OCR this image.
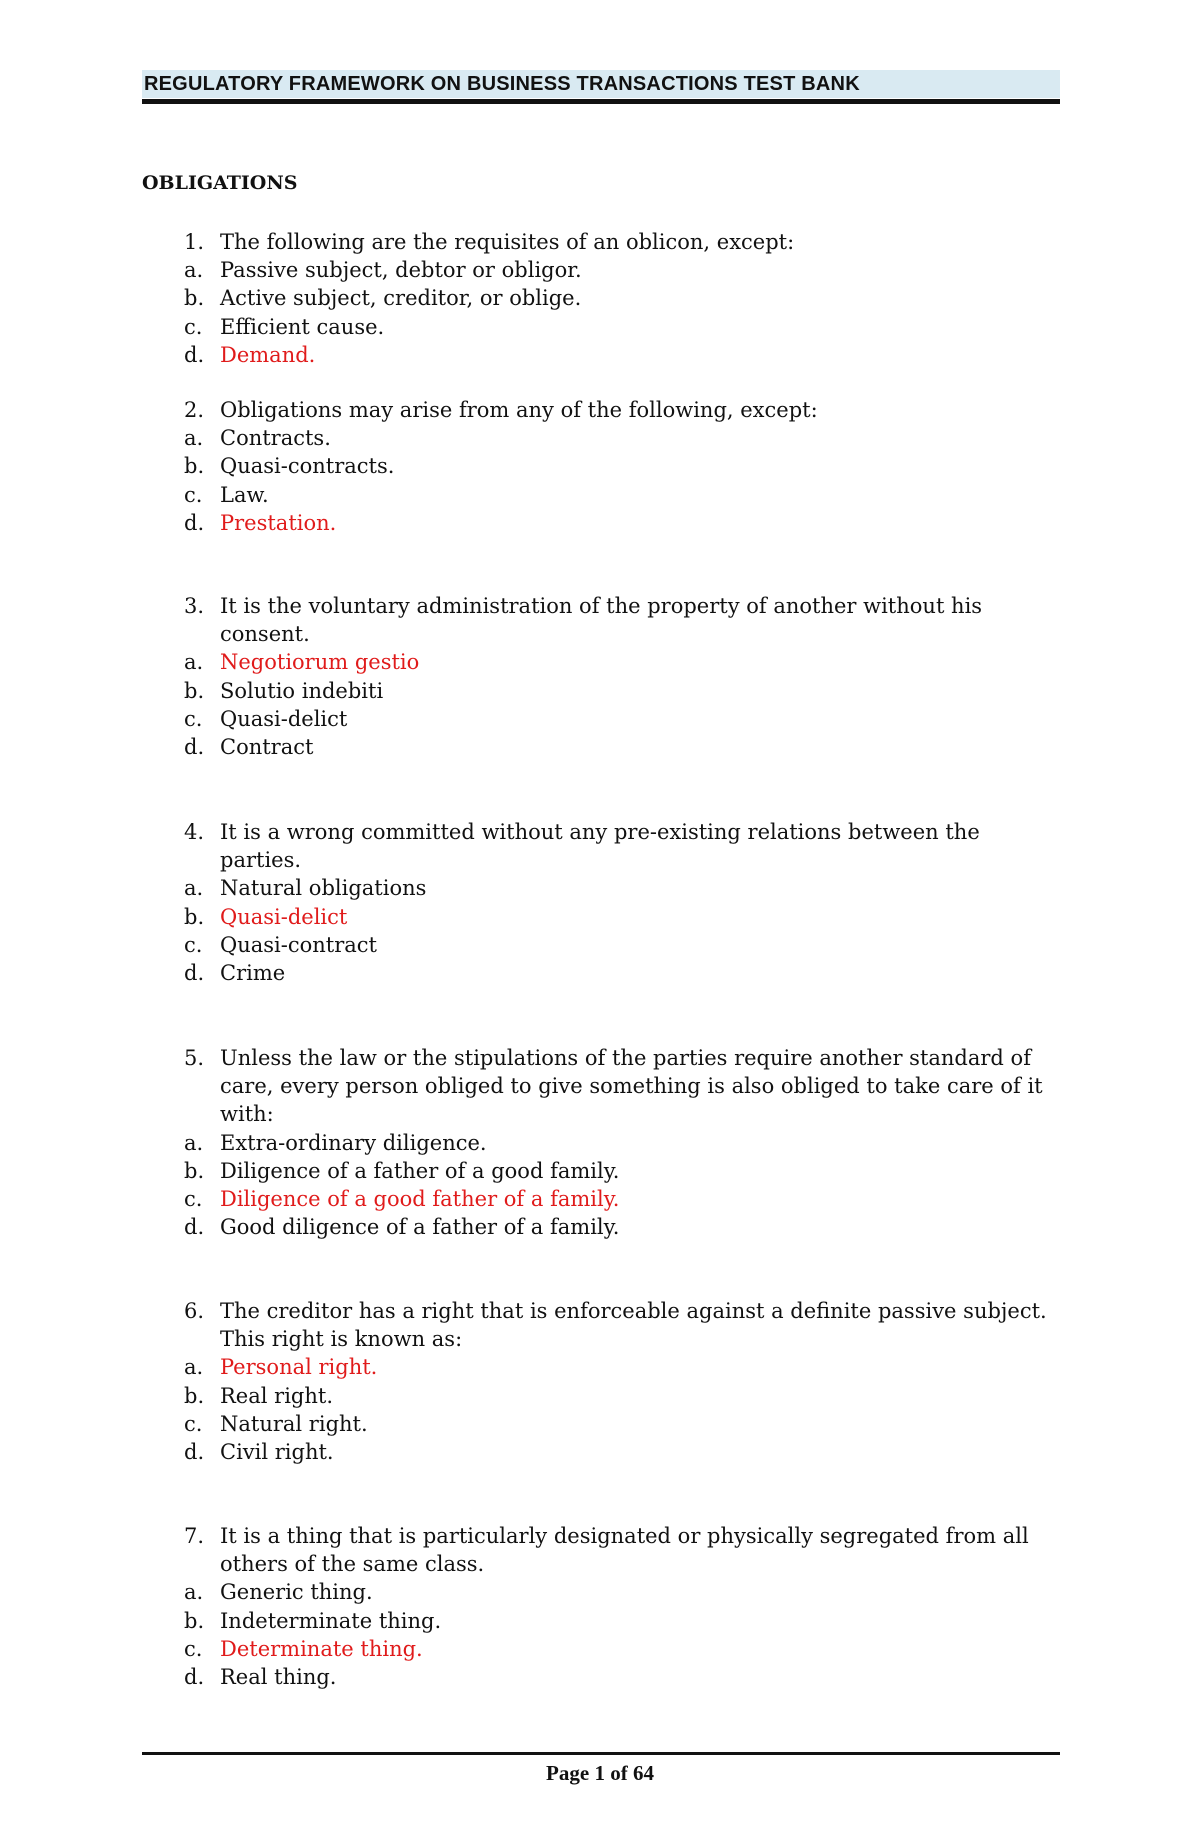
REGULATORY FRAMEWORK ON BUSINESS TRANSACTIONS TEST BANK
OBLIGATIONS
1. The following are the requisites of an oblicon, except:
a. Passive subject, debtor or obligor.
b. Active subject, creditor, or oblige.
c. Efficient cause.
d. Demand.
2. Obligations may arise from any of the following, except:
a. Contracts.
b. Quasi-contracts.
c. Law.
d. Prestation.
3. It is the voluntary administration of the property of another without his consent.
a. Negotiorum gestio
b. Solutio indebiti
c. Quasi-delict
d. Contract
4. It is a wrong committed without any pre-existing relations between the parties.
a. Natural obligations
b. Quasi-delict
c. Quasi-contract
d. Crime
5. Unless the law or the stipulations of the parties require another standard of care, every person obliged to give something is also obliged to take care of it with:
a. Extra-ordinary diligence.
b. Diligence of a father of a good family.
c. Diligence of a good father of a family.
d. Good diligence of a father of a family.
6. The creditor has a right that is enforceable against a definite passive subject. This right is known as:
a. Personal right.
b. Real right.
c. Natural right.
d. Civil right.
7. It is a thing that is particularly designated or physically segregated from all others of the same class.
a. Generic thing.
b. Indeterminate thing.
c. Determinate thing.
d. Real thing.
Page 1 of 64
